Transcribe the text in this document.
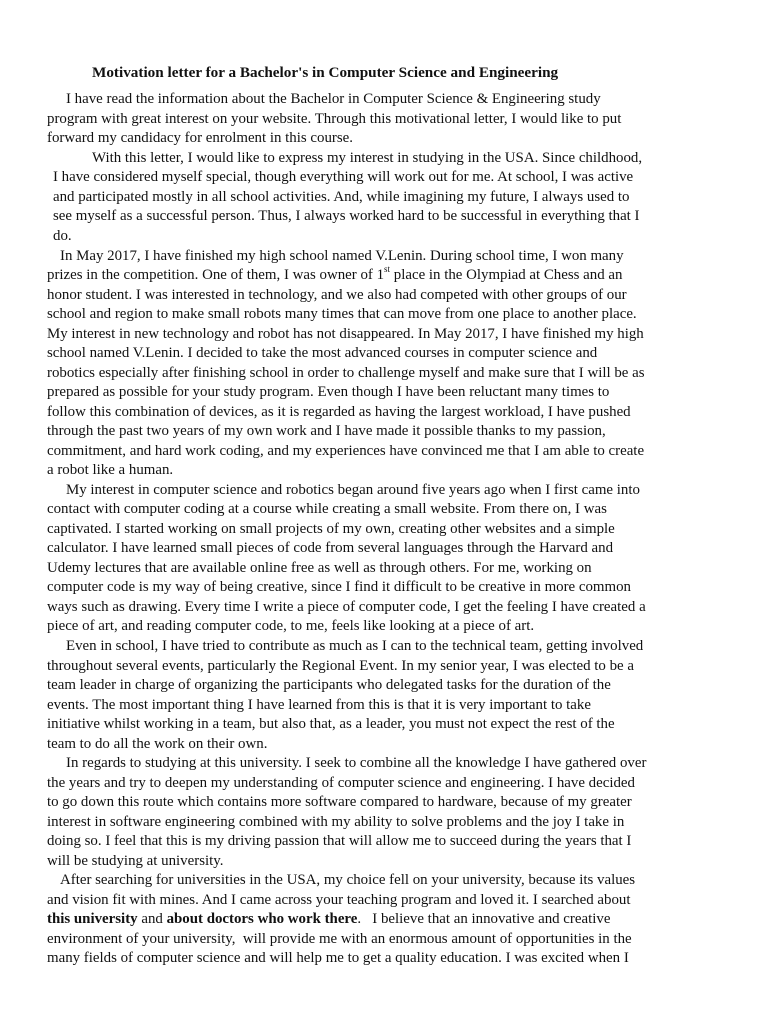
Motivation letter for a Bachelor's in Computer Science and Engineering
I have read the information about the Bachelor in Computer Science & Engineering study
program with great interest on your website. Through this motivational letter, I would like to put
forward my candidacy for enrolment in this course.
With this letter, I would like to express my interest in studying in the USA. Since childhood,
I have considered myself special, though everything will work out for me. At school, I was active
and participated mostly in all school activities. And, while imagining my future, I always used to
see myself as a successful person. Thus, I always worked hard to be successful in everything that I
do.
In May 2017, I have finished my high school named V.Lenin. During school time, I won many
prizes in the competition. One of them, I was owner of 1st place in the Olympiad at Chess and an
honor student. I was interested in technology, and we also had competed with other groups of our
school and region to make small robots many times that can move from one place to another place.
My interest in new technology and robot has not disappeared. In May 2017, I have finished my high
school named V.Lenin. I decided to take the most advanced courses in computer science and
robotics especially after finishing school in order to challenge myself and make sure that I will be as
prepared as possible for your study program. Even though I have been reluctant many times to
follow this combination of devices, as it is regarded as having the largest workload, I have pushed
through the past two years of my own work and I have made it possible thanks to my passion,
commitment, and hard work coding, and my experiences have convinced me that I am able to create
a robot like a human.
My interest in computer science and robotics began around five years ago when I first came into
contact with computer coding at a course while creating a small website. From there on, I was
captivated. I started working on small projects of my own, creating other websites and a simple
calculator. I have learned small pieces of code from several languages through the Harvard and
Udemy lectures that are available online free as well as through others. For me, working on
computer code is my way of being creative, since I find it difficult to be creative in more common
ways such as drawing. Every time I write a piece of computer code, I get the feeling I have created a
piece of art, and reading computer code, to me, feels like looking at a piece of art.
Even in school, I have tried to contribute as much as I can to the technical team, getting involved
throughout several events, particularly the Regional Event. In my senior year, I was elected to be a
team leader in charge of organizing the participants who delegated tasks for the duration of the
events. The most important thing I have learned from this is that it is very important to take
initiative whilst working in a team, but also that, as a leader, you must not expect the rest of the
team to do all the work on their own.
In regards to studying at this university. I seek to combine all the knowledge I have gathered over
the years and try to deepen my understanding of computer science and engineering. I have decided
to go down this route which contains more software compared to hardware, because of my greater
interest in software engineering combined with my ability to solve problems and the joy I take in
doing so. I feel that this is my driving passion that will allow me to succeed during the years that I
will be studying at university.
After searching for universities in the USA, my choice fell on your university, because its values
and vision fit with mines. And I came across your teaching program and loved it. I searched about
this university and about doctors who work there.   I believe that an innovative and creative
environment of your university,  will provide me with an enormous amount of opportunities in the
many fields of computer science and will help me to get a quality education. I was excited when I
